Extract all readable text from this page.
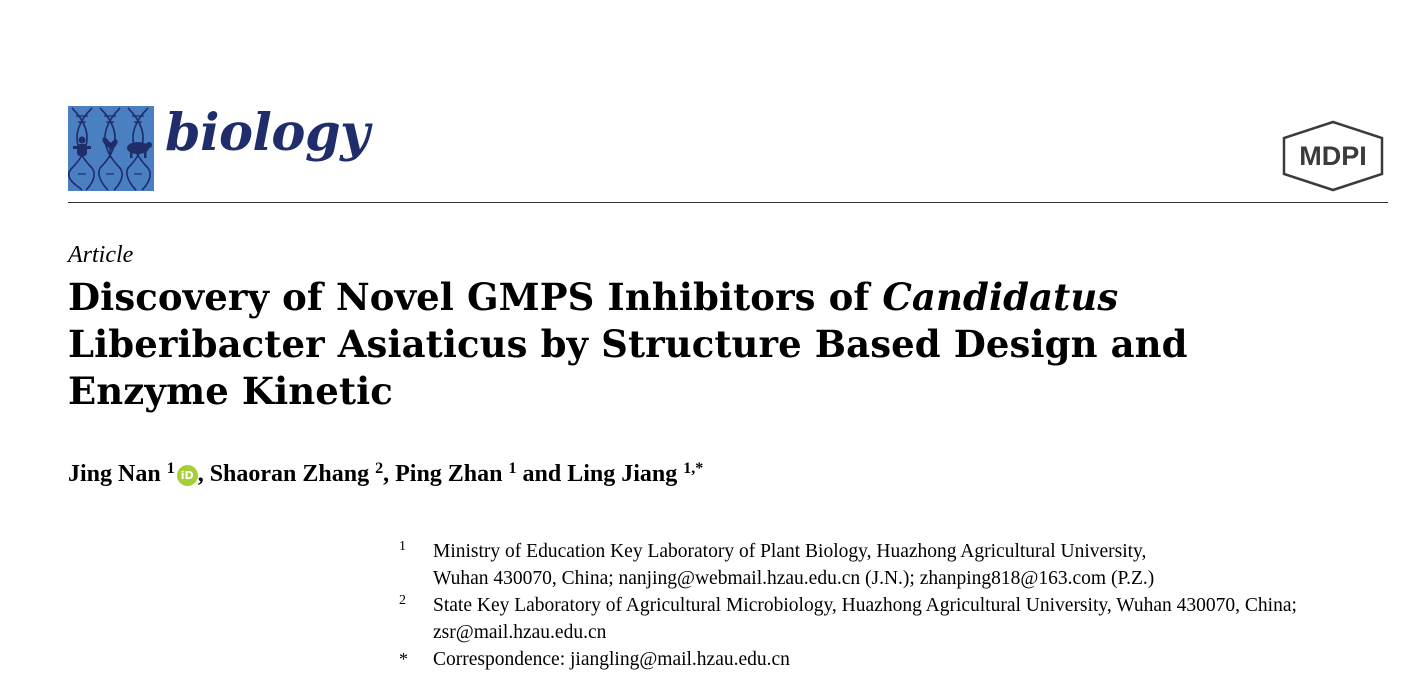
biology	MDPI
Article
Discovery of Novel GMPS Inhibitors of Candidatus
Liberibacter Asiaticus by Structure Based Design and Enzyme Kinetic
Jing Nan $^1$ iD , Shaoran Zhang $^2$, Ping Zhan $^1$ and Ling Jiang $^{1,*}$
1 Ministry of Education Key Laboratory of Plant Biology, Huazhong Agricultural University,
Wuhan 430070, China; nanjing@webmail.hzau.edu.cn (J.N.); zhanping818@163.com (P.Z.)
2 State Key Laboratory of Agricultural Microbiology, Huazhong Agricultural University, Wuhan 430070, China;
zsr@mail.hzau.edu.cn
* Correspondence: jiangling@mail.hzau.edu.cn
